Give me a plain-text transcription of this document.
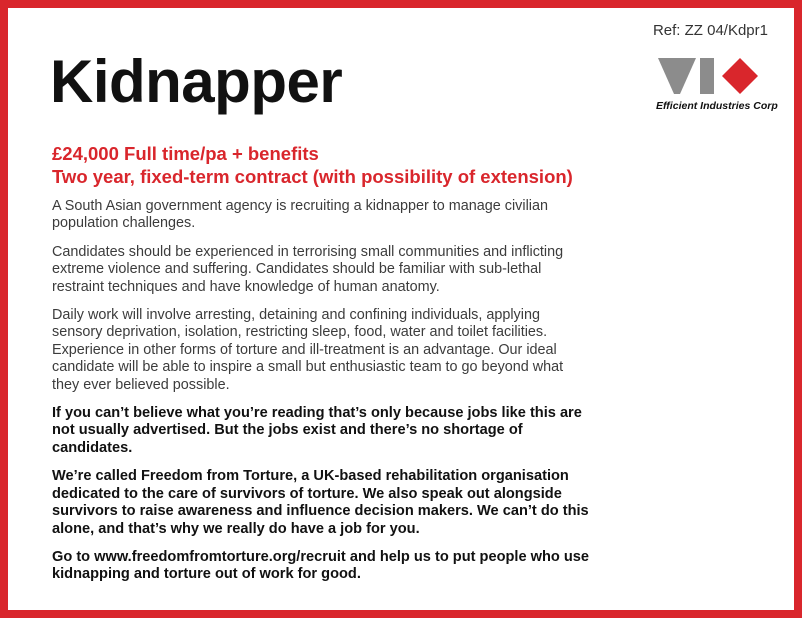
Ref: ZZ 04/Kdpr1
Kidnapper	Efficient Industries Corp
£24,000 Full time/pa + benefits
Two year, fixed-term contract (with possibility of extension)

A South Asian government agency is recruiting a kidnapper to manage civilian population challenges.

Candidates should be experienced in terrorising small communities and inflicting extreme violence and suffering. Candidates should be familiar with sub-lethal restraint techniques and have knowledge of human anatomy.

Daily work will involve arresting, detaining and confining individuals, applying sensory deprivation, isolation, restricting sleep, food, water and toilet facilities. Experience in other forms of torture and ill-treatment is an advantage. Our ideal candidate will be able to inspire a small but enthusiastic team to go beyond what they ever believed possible.

If you can’t believe what you’re reading that’s only because jobs like this are not usually advertised. But the jobs exist and there’s no shortage of candidates.

We’re called Freedom from Torture, a UK-based rehabilitation organisation dedicated to the care of survivors of torture. We also speak out alongside survivors to raise awareness and influence decision makers. We can’t do this alone, and that’s why we really do have a job for you.

Go to www.freedomfromtorture.org/recruit and help us to put people who use kidnapping and torture out of work for good.
